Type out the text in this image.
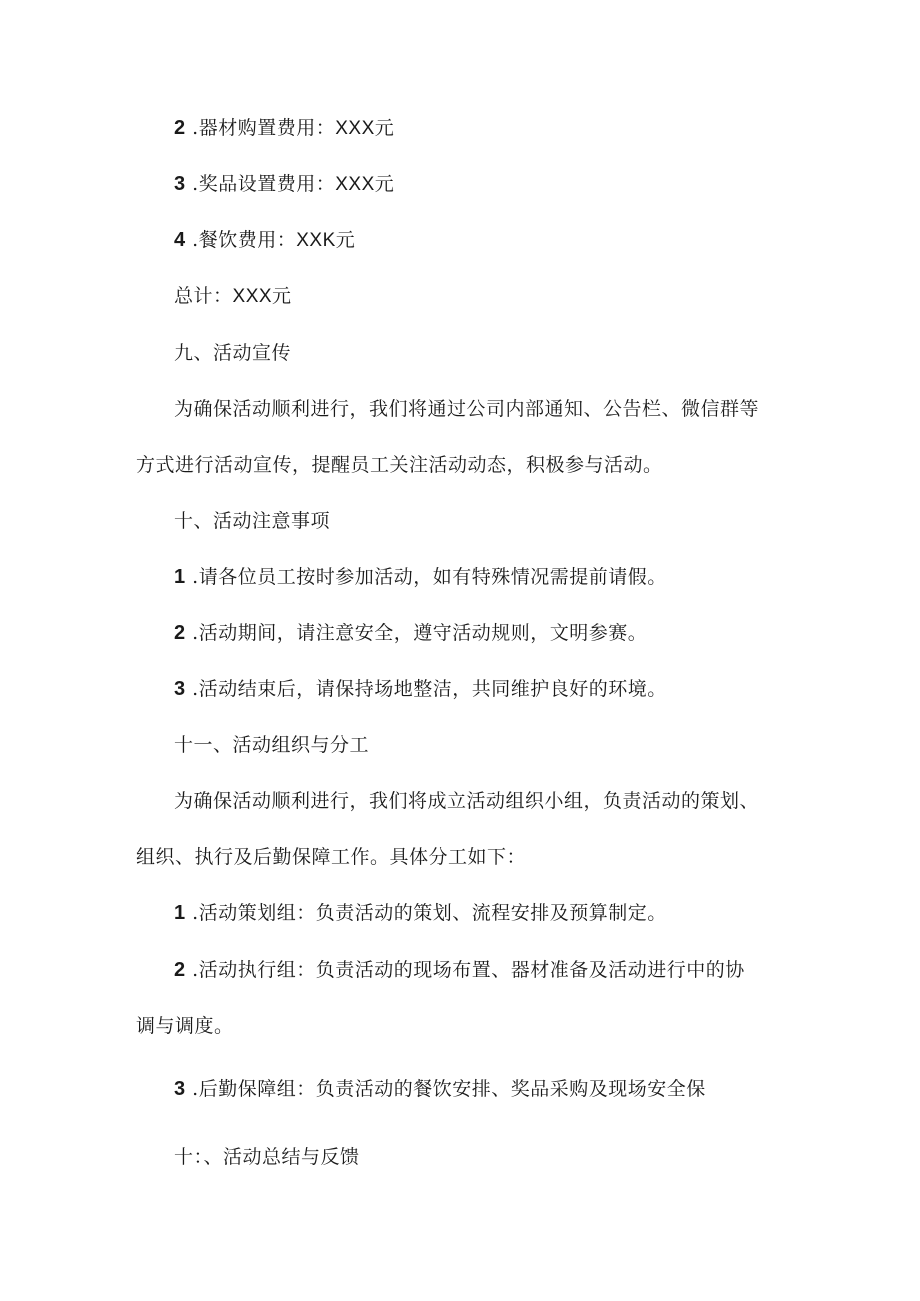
2 .器材购置费用：XXX元
3 .奖品设置费用：XXX元
4 .餐饮费用：XXK元
总计：XXX元
九、活动宣传
为确保活动顺利进行，我们将通过公司内部通知、公告栏、微信群等
方式进行活动宣传，提醒员工关注活动动态，积极参与活动。
十、活动注意事项
1 .请各位员工按时参加活动，如有特殊情况需提前请假。
2 .活动期间，请注意安全，遵守活动规则，文明参赛。
3 .活动结束后，请保持场地整洁，共同维护良好的环境。
十一、活动组织与分工
为确保活动顺利进行，我们将成立活动组织小组，负责活动的策划、
组织、执行及后勤保障工作。具体分工如下：
1 .活动策划组：负责活动的策划、流程安排及预算制定。
2 .活动执行组：负责活动的现场布置、器材准备及活动进行中的协
调与调度。
3 .后勤保障组：负责活动的餐饮安排、奖品采购及现场安全保
十：、活动总结与反馈
